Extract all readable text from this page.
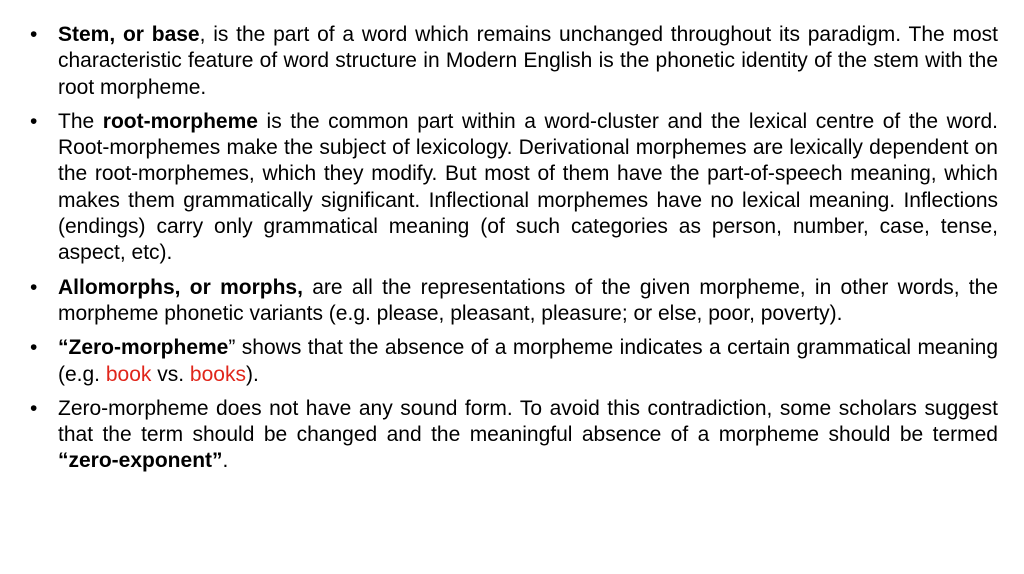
• Stem, or base, is the part of a word which remains unchanged throughout its paradigm. The most characteristic feature of word structure in Modern English is the phonetic identity of the stem with the root morpheme.
• The root-morpheme is the common part within a word-cluster and the lexical centre of the word. Root-morphemes make the subject of lexicology. Derivational morphemes are lexically dependent on the root-morphemes, which they modify. But most of them have the part-of-speech meaning, which makes them grammatically significant. Inflectional morphemes have no lexical meaning. Inflections (endings) carry only grammatical meaning (of such categories as person, number, case, tense, aspect, etc).
• Allomorphs, or morphs, are all the representations of the given morpheme, in other words, the morpheme phonetic variants (e.g. please, pleasant, pleasure; or else, poor, poverty).
• “Zero-morpheme” shows that the absence of a morpheme indicates a certain grammatical meaning (e.g. book vs. books).
• Zero-morpheme does not have any sound form. To avoid this contradiction, some scholars suggest that the term should be changed and the meaningful absence of a morpheme should be termed “zero-exponent”.
